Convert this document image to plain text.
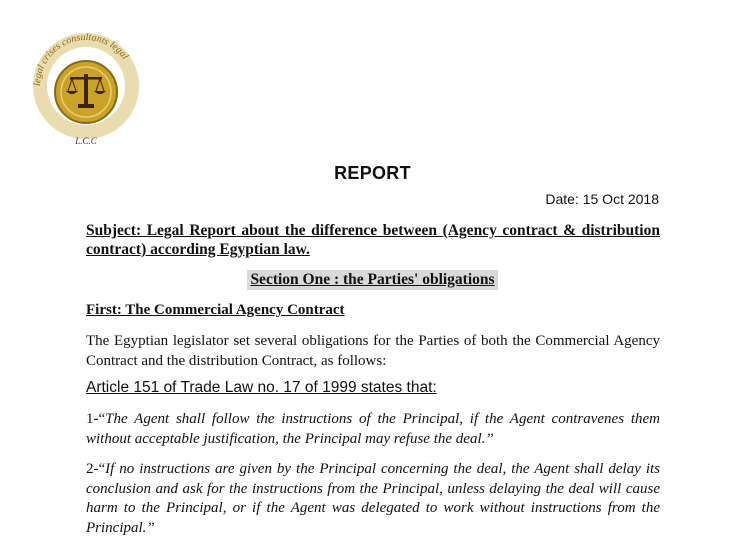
legal crises consultants legal
L.C.C
REPORT
Date: 15 Oct 2018
Subject: Legal Report about the difference between (Agency contract & distribution contract) according Egyptian law.
Section One : the Parties' obligations
First: The Commercial Agency Contract
The Egyptian legislator set several obligations for the Parties of both the Commercial Agency Contract and the distribution Contract, as follows:
Article 151 of Trade Law no. 17 of 1999 states that:
1-“The Agent shall follow the instructions of the Principal, if the Agent contravenes them without acceptable justification, the Principal may refuse the deal.”
2-“If no instructions are given by the Principal concerning the deal, the Agent shall delay its conclusion and ask for the instructions from the Principal, unless delaying the deal will cause harm to the Principal, or if the Agent was delegated to work without instructions from the Principal.”
